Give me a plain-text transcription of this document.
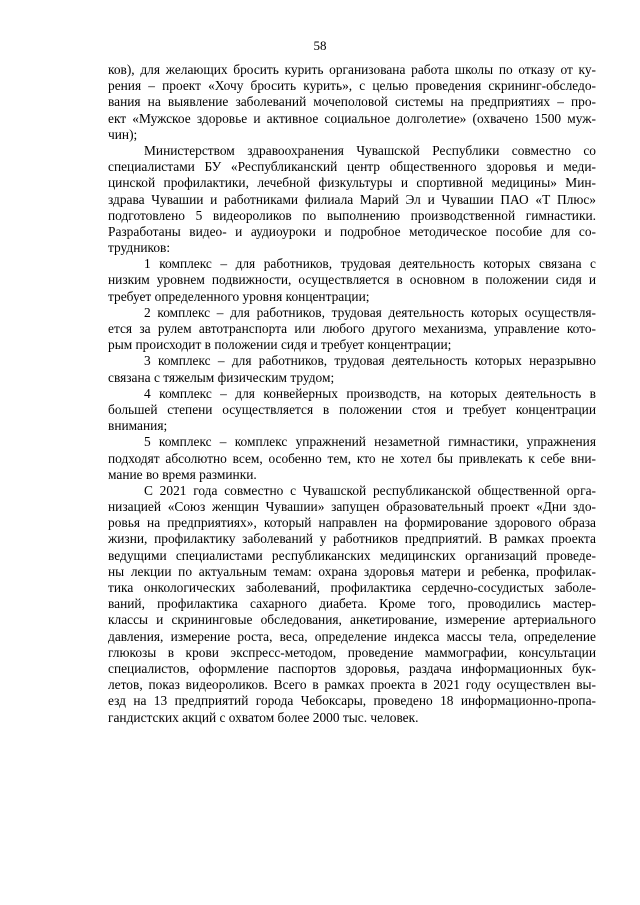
58
ков), для желающих бросить курить организована работа школы по отказу от ку-
рения – проект «Хочу бросить курить», с целью проведения скрининг-обследо-
вания на выявление заболеваний мочеполовой системы на предприятиях – про-
ект «Мужское здоровье и активное социальное долголетие» (охвачено 1500 муж-
чин);
Министерством здравоохранения Чувашской Республики совместно со
специалистами БУ «Республиканский центр общественного здоровья и меди-
цинской профилактики, лечебной физкультуры и спортивной медицины» Мин-
здрава Чувашии и работниками филиала Марий Эл и Чувашии ПАО «Т Плюс»
подготовлено 5 видеороликов по выполнению производственной гимнастики.
Разработаны видео- и аудиоуроки и подробное методическое пособие для со-
трудников:
1 комплекс – для работников, трудовая деятельность которых связана с
низким уровнем подвижности, осуществляется в основном в положении сидя и
требует определенного уровня концентрации;
2 комплекс – для работников, трудовая деятельность которых осуществля-
ется за рулем автотранспорта или любого другого механизма, управление кото-
рым происходит в положении сидя и требует концентрации;
3 комплекс – для работников, трудовая деятельность которых неразрывно
связана с тяжелым физическим трудом;
4 комплекс – для конвейерных производств, на которых деятельность в
большей степени осуществляется в положении стоя и требует концентрации
внимания;
5 комплекс – комплекс упражнений незаметной гимнастики, упражнения
подходят абсолютно всем, особенно тем, кто не хотел бы привлекать к себе вни-
мание во время разминки.
С 2021 года совместно с Чувашской республиканской общественной орга-
низацией «Союз женщин Чувашии» запущен образовательный проект «Дни здо-
ровья на предприятиях», который направлен на формирование здорового образа
жизни, профилактику заболеваний у работников предприятий. В рамках проекта
ведущими специалистами республиканских медицинских организаций проведе-
ны лекции по актуальным темам: охрана здоровья матери и ребенка, профилак-
тика онкологических заболеваний, профилактика сердечно-сосудистых заболе-
ваний, профилактика сахарного диабета. Кроме того, проводились мастер-
классы и скрининговые обследования, анкетирование, измерение артериального
давления, измерение роста, веса, определение индекса массы тела, определение
глюкозы в крови экспресс-методом, проведение маммографии, консультации
специалистов, оформление паспортов здоровья, раздача информационных бук-
летов, показ видеороликов. Всего в рамках проекта в 2021 году осуществлен вы-
езд на 13 предприятий города Чебоксары, проведено 18 информационно-пропа-
гандистских акций с охватом более 2000 тыс. человек.
